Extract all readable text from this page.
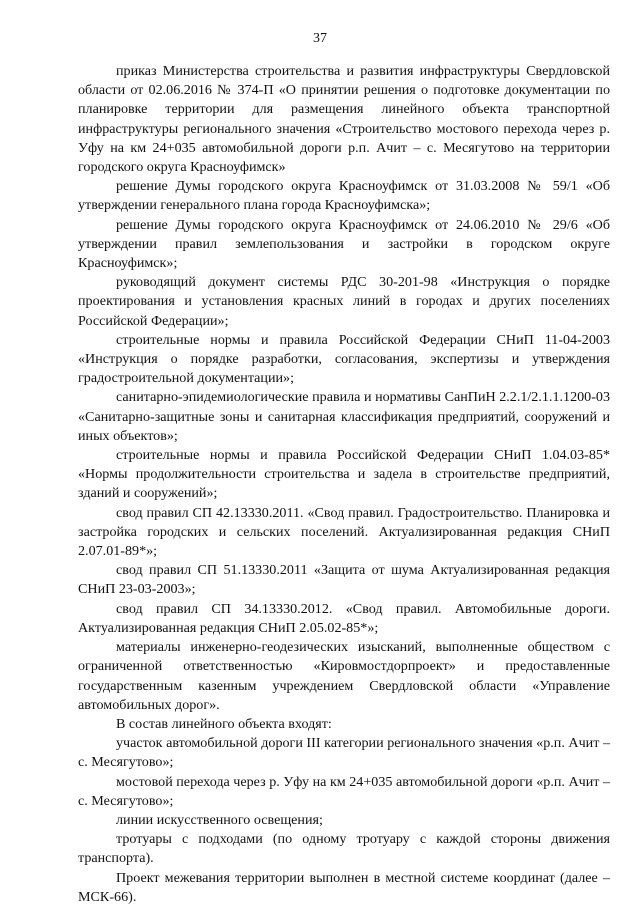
37

приказ Министерства строительства и развития инфраструктуры Свердловской области от 02.06.2016 № 374-П «О принятии решения о подготовке документации по планировке территории для размещения линейного объекта транспортной инфраструктуры регионального значения «Строительство мостового перехода через р. Уфу на км 24+035 автомобильной дороги р.п. Ачит – с. Месягутово на территории городского округа Красноуфимск»

решение Думы городского округа Красноуфимск от 31.03.2008 № 59/1 «Об утверждении генерального плана города Красноуфимска»;

решение Думы городского округа Красноуфимск от 24.06.2010 № 29/6 «Об утверждении правил землепользования и застройки в городском округе Красноуфимск»;

руководящий документ системы РДС 30-201-98 «Инструкция о порядке проектирования и установления красных линий в городах и других поселениях Российской Федерации»;

строительные нормы и правила Российской Федерации СНиП 11-04-2003 «Инструкция о порядке разработки, согласования, экспертизы и утверждения градостроительной документации»;

санитарно-эпидемиологические правила и нормативы СанПиН 2.2.1/2.1.1.1200-03 «Санитарно-защитные зоны и санитарная классификация предприятий, сооружений и иных объектов»;

строительные нормы и правила Российской Федерации СНиП 1.04.03-85* «Нормы продолжительности строительства и задела в строительстве предприятий, зданий и сооружений»;

свод правил СП 42.13330.2011. «Свод правил. Градостроительство. Планировка и застройка городских и сельских поселений. Актуализированная редакция СНиП 2.07.01-89*»;

свод правил СП 51.13330.2011 «Защита от шума Актуализированная редакция СНиП 23-03-2003»;

свод правил СП 34.13330.2012. «Свод правил. Автомобильные дороги. Актуализированная редакция СНиП 2.05.02-85*»;

материалы инженерно-геодезических изысканий, выполненные обществом с ограниченной ответственностью «Кировмостдорпроект» и предоставленные государственным казенным учреждением Свердловской области «Управление автомобильных дорог».

В состав линейного объекта входят:

участок автомобильной дороги III категории регионального значения «р.п. Ачит – с. Месягутово»;

мостовой перехода через р. Уфу на км 24+035 автомобильной дороги «р.п. Ачит – с. Месягутово»;

линии искусственного освещения;

тротуары с подходами (по одному тротуару с каждой стороны движения транспорта).

Проект межевания территории выполнен в местной системе координат (далее – МСК-66).
